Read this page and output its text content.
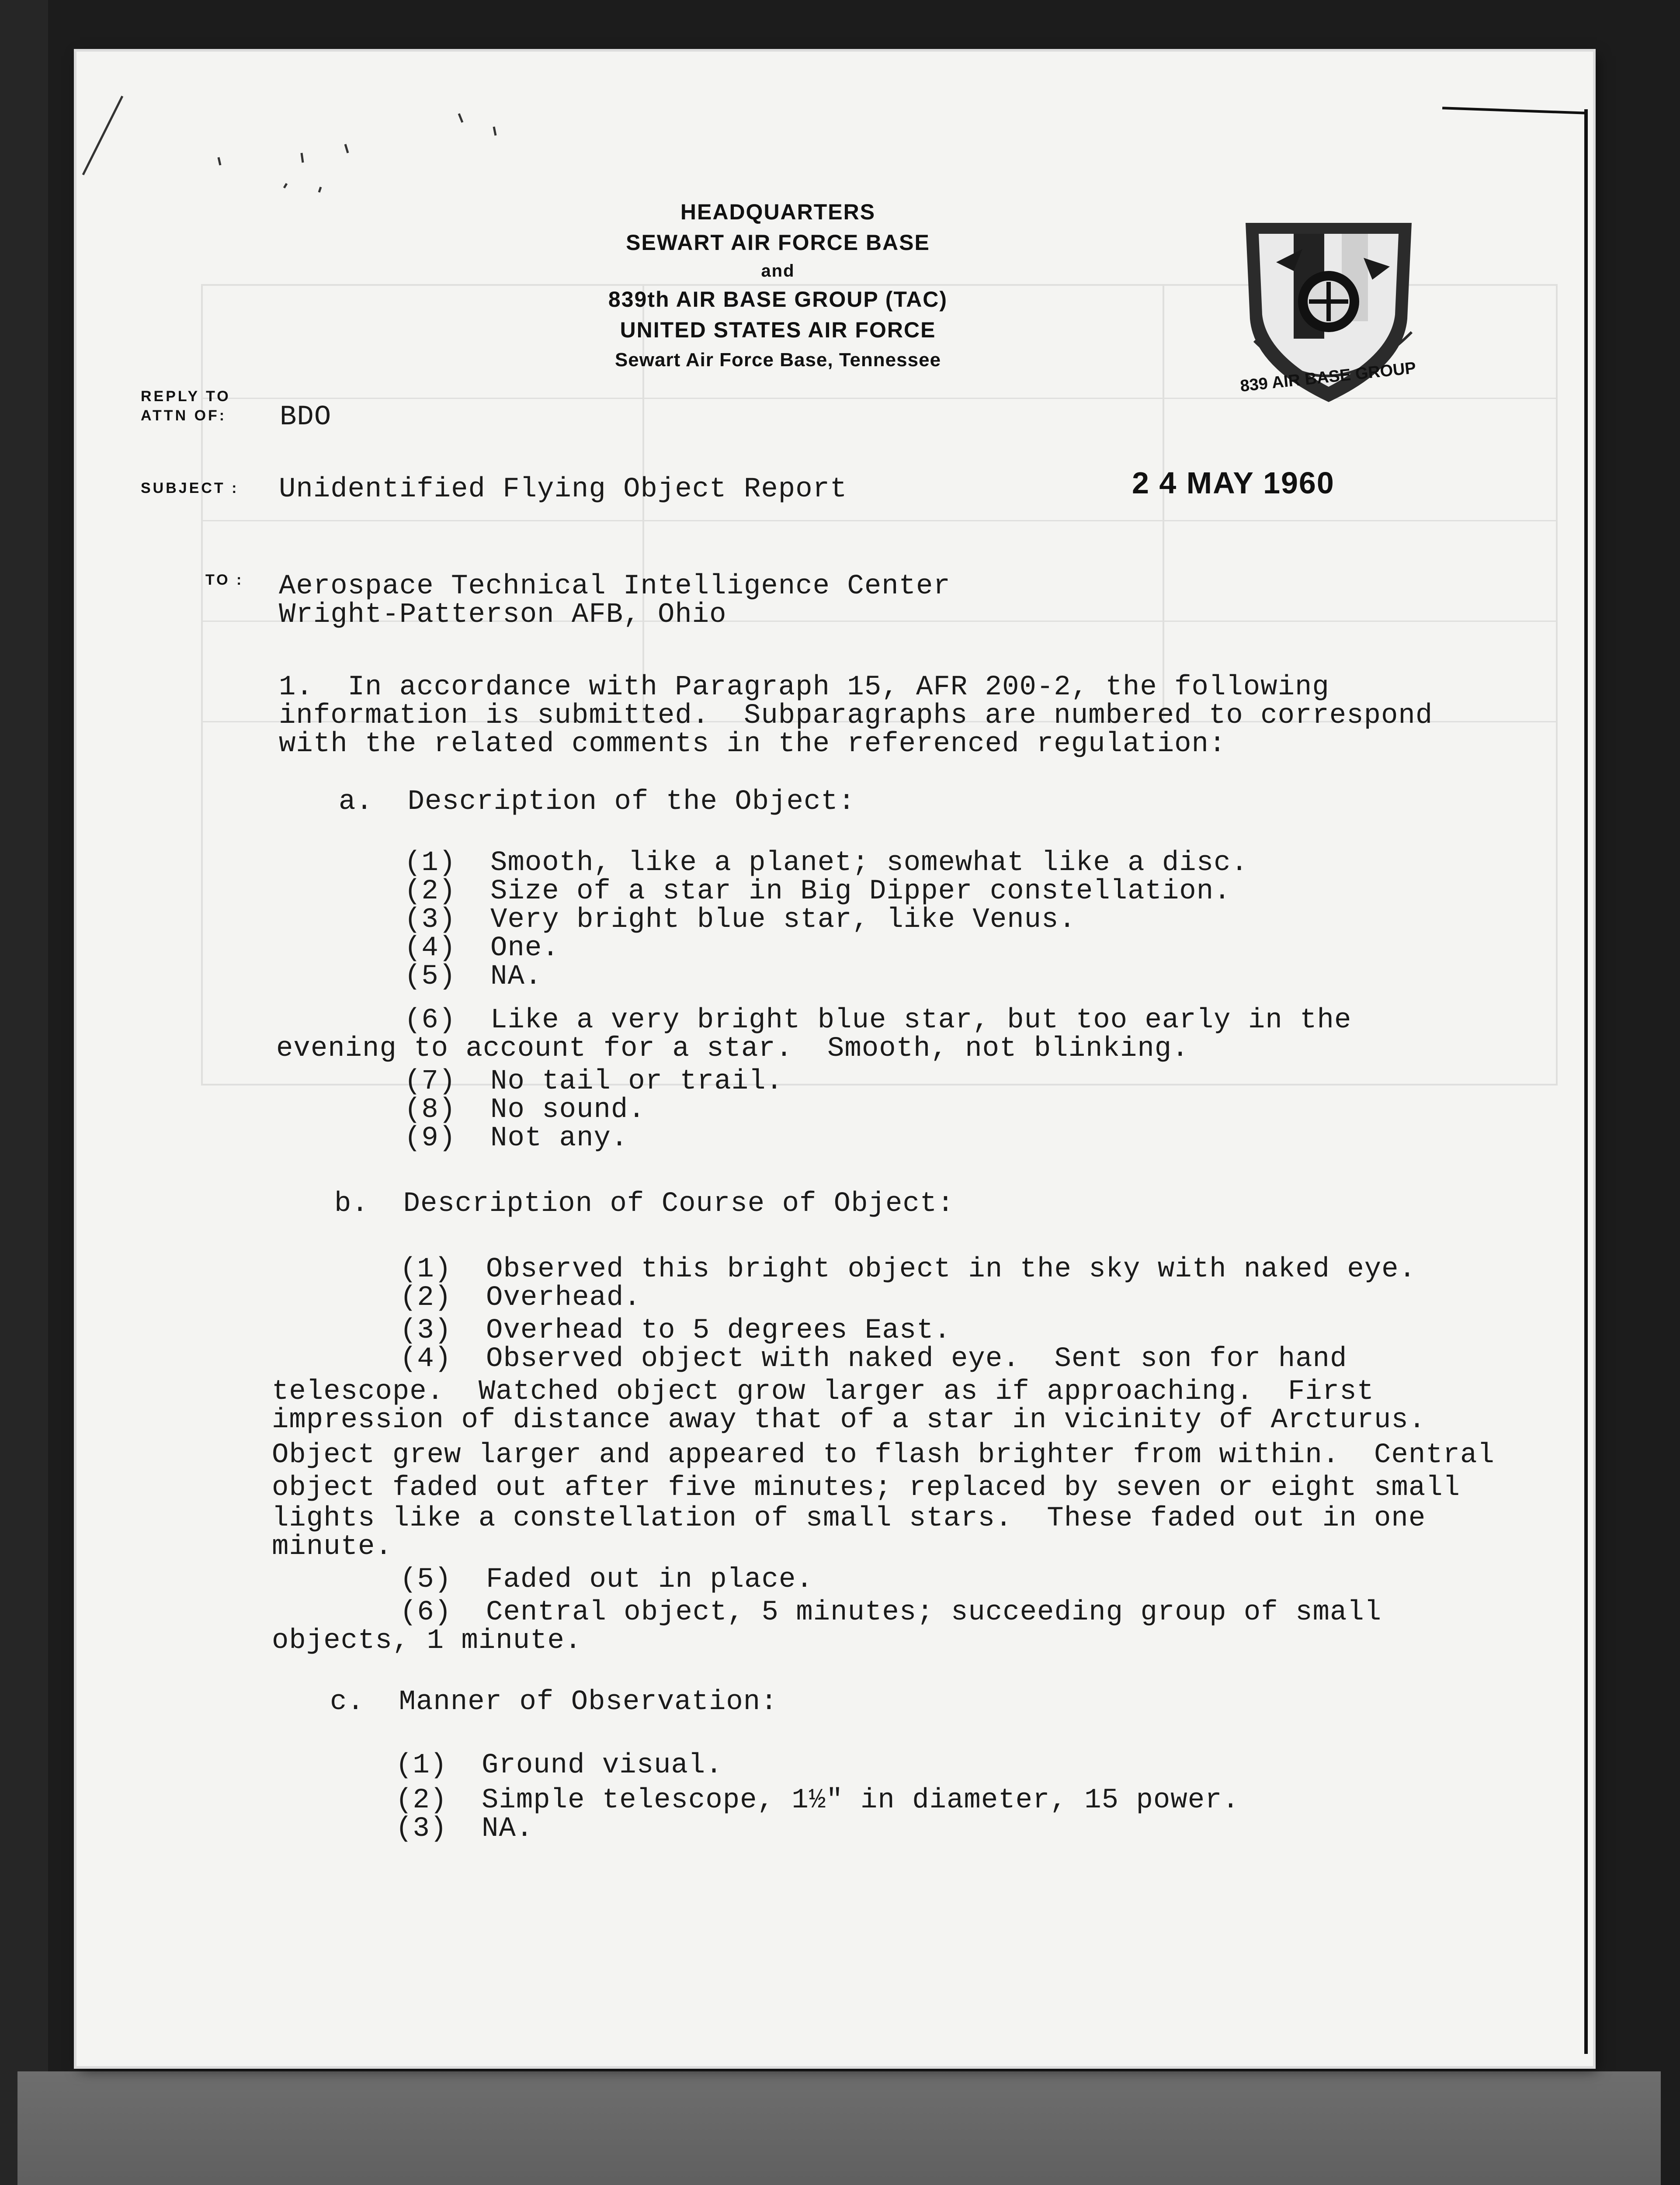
HEADQUARTERS
SEWART AIR FORCE BASE
and
839th AIR BASE GROUP (TAC)
UNITED STATES AIR FORCE
Sewart Air Force Base, Tennessee	839 AIR BASE GROUP
REPLY TO
ATTN OF: BDO
SUBJECT : Unidentified Flying Object Report	2 4 MAY 1960
TO : Aerospace Technical Intelligence Center
Wright-Patterson AFB, Ohio
1.  In accordance with Paragraph 15, AFR 200-2, the following
information is submitted.  Subparagraphs are numbered to correspond
with the related comments in the referenced regulation:
a.  Description of the Object:
(1)  Smooth, like a planet; somewhat like a disc.
(2)  Size of a star in Big Dipper constellation.
(3)  Very bright blue star, like Venus.
(4)  One.
(5)  NA.
(6)  Like a very bright blue star, but too early in the
evening to account for a star.  Smooth, not blinking.
(7)  No tail or trail.
(8)  No sound.
(9)  Not any.
b.  Description of Course of Object:
(1)  Observed this bright object in the sky with naked eye.
(2)  Overhead.
(3)  Overhead to 5 degrees East.
(4)  Observed object with naked eye.  Sent son for hand
telescope.  Watched object grow larger as if approaching.  First
impression of distance away that of a star in vicinity of Arcturus.
Object grew larger and appeared to flash brighter from within.  Central
object faded out after five minutes; replaced by seven or eight small
lights like a constellation of small stars.  These faded out in one
minute.
(5)  Faded out in place.
(6)  Central object, 5 minutes; succeeding group of small
objects, 1 minute.
c.  Manner of Observation:
(1)  Ground visual.
(2)  Simple telescope, 1½" in diameter, 15 power.
(3)  NA.
